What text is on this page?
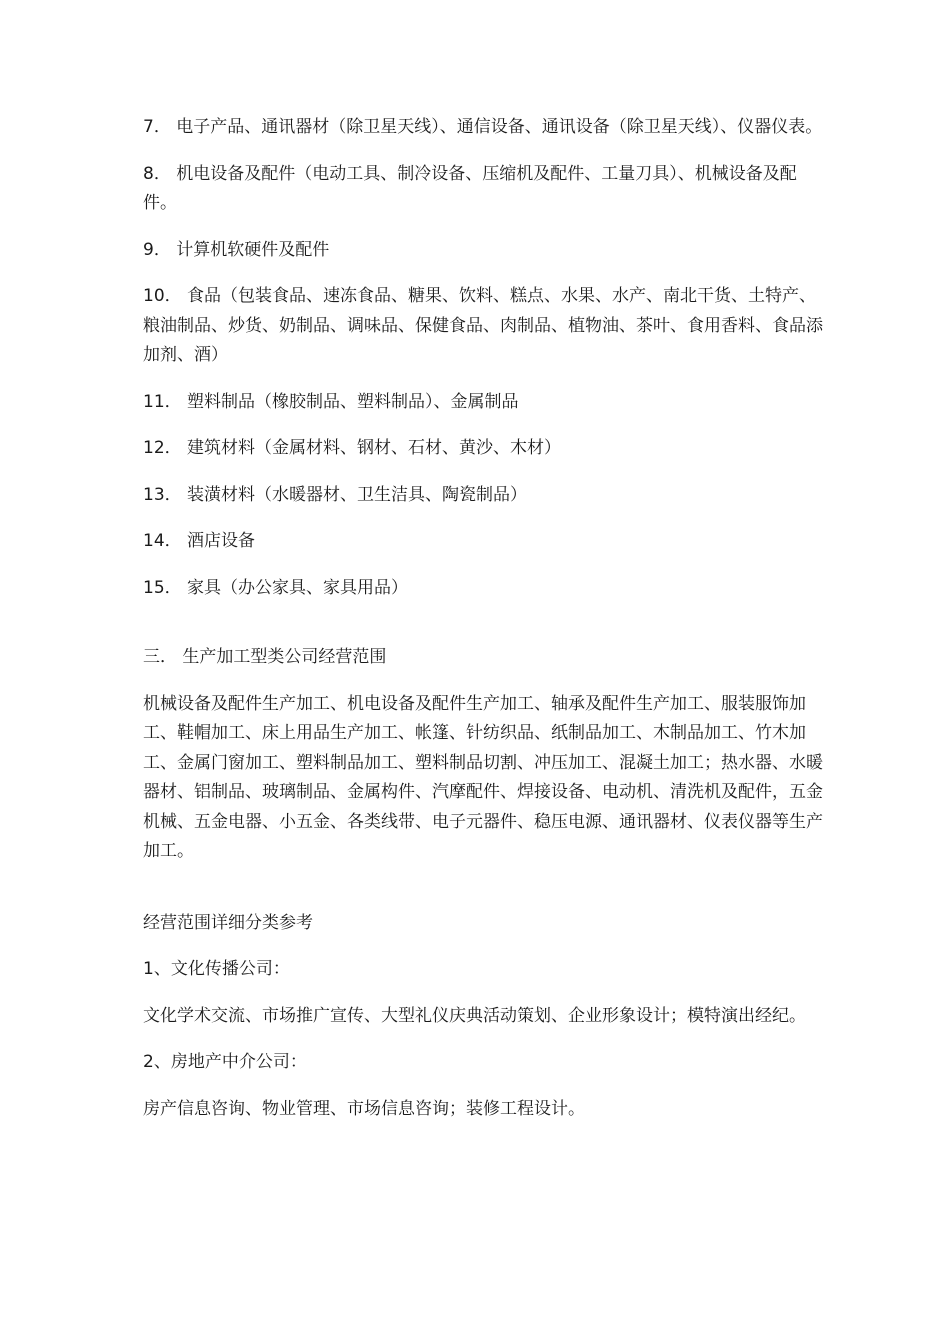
7． 电子产品、通讯器材（除卫星天线）、通信设备、通讯设备（除卫星天线）、仪器仪表。

8． 机电设备及配件（电动工具、制冷设备、压缩机及配件、工量刀具）、机械设备及配件。

9． 计算机软硬件及配件

10． 食品（包装食品、速冻食品、糖果、饮料、糕点、水果、水产、南北干货、土特产、粮油制品、炒货、奶制品、调味品、保健食品、肉制品、植物油、茶叶、食用香料、食品添加剂、酒）

11． 塑料制品（橡胶制品、塑料制品）、金属制品

12． 建筑材料（金属材料、钢材、石材、黄沙、木材）

13． 装潢材料（水暖器材、卫生洁具、陶瓷制品）

14． 酒店设备

15． 家具（办公家具、家具用品）

三． 生产加工型类公司经营范围

机械设备及配件生产加工、机电设备及配件生产加工、轴承及配件生产加工、服装服饰加工、鞋帽加工、床上用品生产加工、帐篷、针纺织品、纸制品加工、木制品加工、竹木加工、金属门窗加工、塑料制品加工、塑料制品切割、冲压加工、混凝土加工；热水器、水暖器材、铝制品、玻璃制品、金属构件、汽摩配件、焊接设备、电动机、清洗机及配件，五金机械、五金电器、小五金、各类线带、电子元器件、稳压电源、通讯器材、仪表仪器等生产加工。

经营范围详细分类参考

1、文化传播公司：

文化学术交流、市场推广宣传、大型礼仪庆典活动策划、企业形象设计；模特演出经纪。

2、房地产中介公司：

房产信息咨询、物业管理、市场信息咨询；装修工程设计。
